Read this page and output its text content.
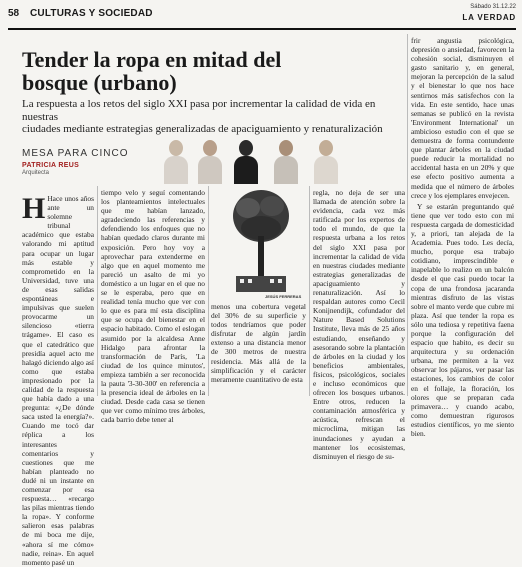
58 CULTURAS Y SOCIEDAD
Sábado 31.12.22
LA VERDAD
Tender la ropa en mitad del bosque (urbano)

La respuesta a los retos del siglo XXI pasa por incrementar la calidad de vida en nuestras

ciudades mediante estrategias generalizadas de apaciguamiento y renaturalización

MESA PARA CINCO
PATRICIA REUS
Arquitecta

H Hace unos años ante un solemne tribunal académico que estaba valorando mi aptitud para ocupar un lugar más estable y comprometido en la Universidad, tuve una de esas salidas espontáneas e impulsivas que suelen provocarme un silencioso «tierra trágame». El caso es que el catedrático que presidía aquel acto me halagó diciendo algo así como que estaba impresionado por la calidad de la respuesta que había dado a una pregunta: «¿De dónde saca usted la energía?». Cuando me tocó dar réplica a los interesantes comentarios y cuestiones que me habían planteado no dudé ni un instante en comenzar por esa respuesta… «recargo las pilas mientras tiendo la ropa». Y conforme salieron esas palabras de mi boca me dije, «ahora sí me cómo» nadie, reina». En aquel momento pasé un

tiempo velo y seguí comentando los planteamientos intelectuales que me habían lanzado, agradeciendo las referencias y defendiendo los enfoques que no habían quedado claros durante mi exposición. Pero hoy voy a aprovechar para extenderme en algo que en aquel momento me pareció un asalto de mi yo doméstico a un lugar en el que no se le esperaba, pero que en realidad tenía mucho que ver con lo que es para mí esta disciplina que se ocupa del bienestar en el espacio habitado. Como el eslogan asumido por la alcaldesa Anne Hidalgo para afrontar la transformación de París, 'La ciudad de los quince minutos', empieza también a ser reconocida la pauta '3-30-300' en referencia a la presencia ideal de árboles en la ciudad. Desde cada casa se tienen que ver como mínimo tres árboles, cada barrio debe tener al

JESÚS FERRERAS

menos una cobertura vegetal del 30% de su superficie y todos tendríamos que poder disfrutar de algún jardín extenso a una distancia menor de 300 metros de nuestra residencia. Más allá de la simplificación y el carácter meramente cuantitativo de esta

regla, no deja de ser una llamada de atención sobre la evidencia, cada vez más ratificada por los expertos de todo el mundo, de que la respuesta urbana a los retos del siglo XXI pasa por incrementar la calidad de vida en nuestras ciudades mediante estrategias generalizadas de apaciguamiento y renaturalización. Así lo respaldan autores como Cecil Konijnendijk, cofundador del Nature Based Solutions Institute, lleva más de 25 años estudiando, enseñando y asesorando sobre la plantación de árboles en la ciudad y los beneficios ambientales, físicos, psicológicos, sociales e incluso económicos que ofrecen los bosques urbanos. Entre otros, reducen la contaminación atmosférica y acústica, refrescan el microclima, mitigan las inundaciones y ayudan a mantener los ecosistemas, disminuyen el riesgo de su-

frir angustia psicológica, depresión o ansiedad, favorecen la cohesión social, disminuyen el gasto sanitario y, en general, mejoran la percepción de la salud y el bienestar lo que nos hace sentirnos más satisfechos con la vida. En este sentido, hace unas semanas se publicó en la revista 'Environment International' un ambicioso estudio con el que se demuestra de forma contundente que plantar árboles en la ciudad puede reducir la mortalidad no accidental hasta en un 20% y que ese efecto positivo aumenta a medida que el número de árboles crece y los ejemplares envejecen.

Y se estarán preguntando qué tiene que ver todo esto con mi respuesta cargada de domesticidad y, a priori, tan alejada de la Academia. Pues todo. Les decía, mucho, porque esa trabajo cotidiano, imprescindible e inapelable lo realizo en un balcón desde el que casi puedo tocar la copa de una frondosa jacaranda mientras disfruto de las vistas sobre el manto verde que cubre mi plaza. Así que tender la ropa es sólo una tediosa y repetitiva faena porque la configuración del espacio que habito, es decir su arquitectura y su ordenación urbana, me permiten a la vez observar los pájaros, ver pasar las estaciones, los cambios de color en el follaje, la floración, los olores que se preparan cada primavera… y cuando acabo, como demuestran rigurosos estudios científicos, yo me siento bien.
